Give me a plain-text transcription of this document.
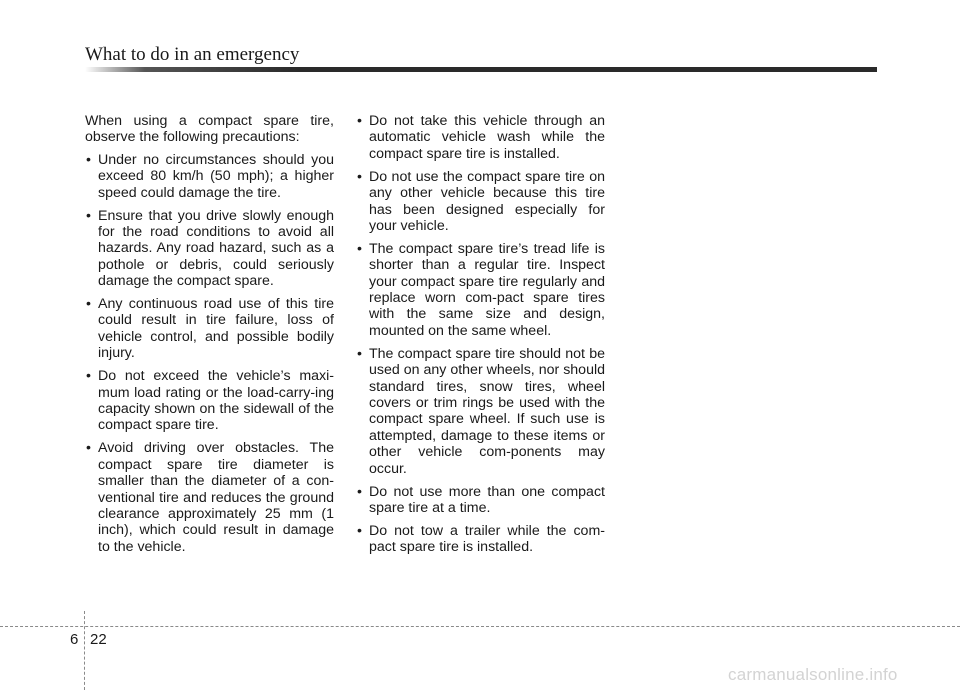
What to do in an emergency

When using a compact spare tire, observe the following precautions:

• Under no circumstances should you exceed 80 km/h (50 mph); a higher speed could damage the tire.
• Ensure that you drive slowly enough for the road conditions to avoid all hazards. Any road hazard, such as a pothole or debris, could seriously damage the compact spare.
• Any continuous road use of this tire could result in tire failure, loss of vehicle control, and possible bodily injury.
• Do not exceed the vehicle’s maxi-mum load rating or the load-carry-ing capacity shown on the sidewall of the compact spare tire.
• Avoid driving over obstacles. The compact spare tire diameter is smaller than the diameter of a con-ventional tire and reduces the ground clearance approximately 25 mm (1 inch), which could result in damage to the vehicle.
• Do not take this vehicle through an automatic vehicle wash while the compact spare tire is installed.
• Do not use the compact spare tire on any other vehicle because this tire has been designed especially for your vehicle.
• The compact spare tire’s tread life is shorter than a regular tire. Inspect your compact spare tire regularly and replace worn com-pact spare tires with the same size and design, mounted on the same wheel.
• The compact spare tire should not be used on any other wheels, nor should standard tires, snow tires, wheel covers or trim rings be used with the compact spare wheel. If such use is attempted, damage to these items or other vehicle com-ponents may occur.
• Do not use more than one compact spare tire at a time.
• Do not tow a trailer while the com-pact spare tire is installed.
6 22
carmanualsonline.info
